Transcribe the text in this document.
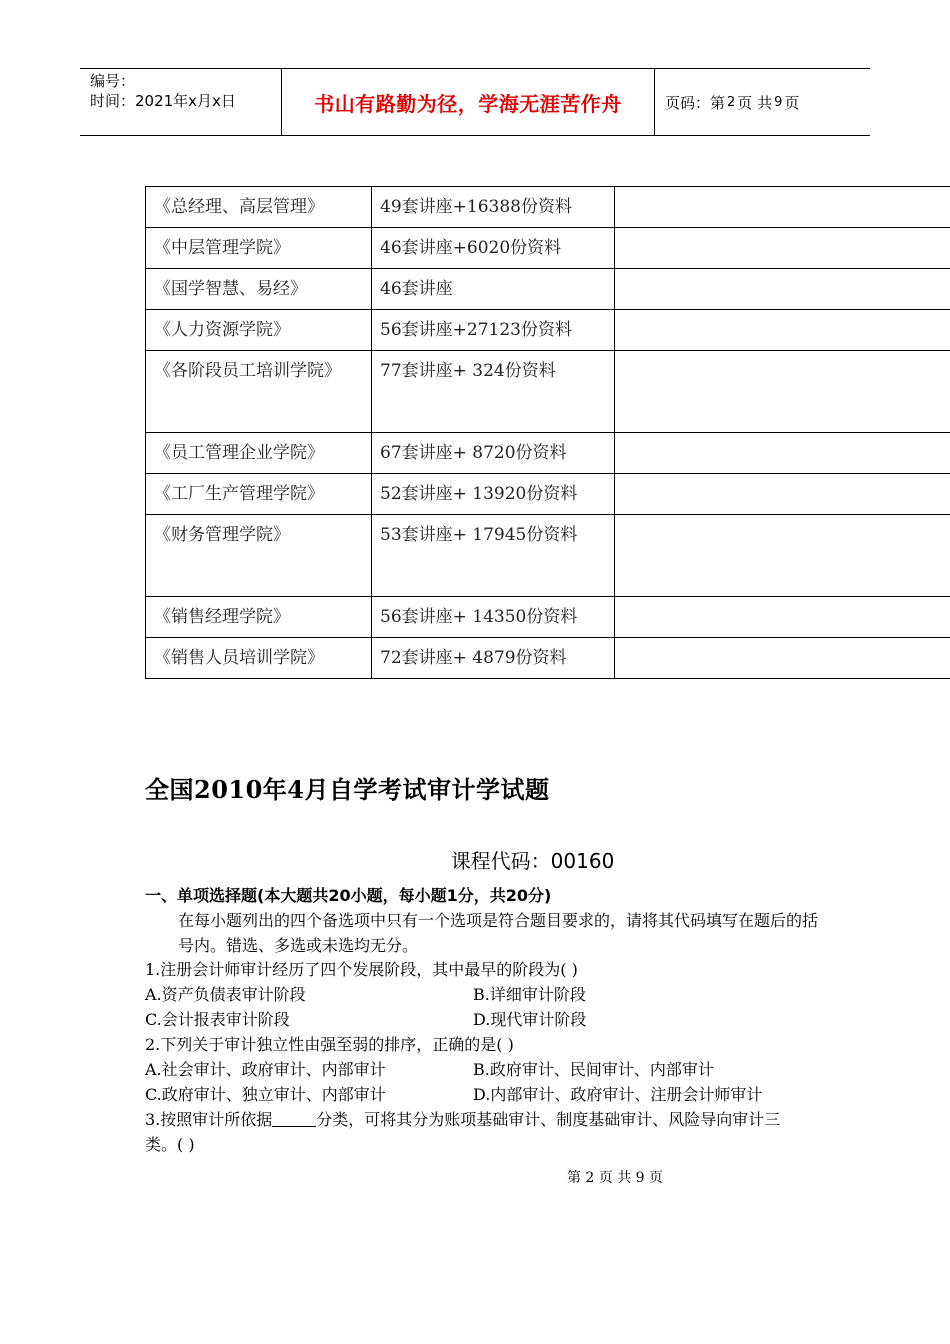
编号：
时间：2021年x月x日	书山有路勤为径，学海无涯苦作舟	页码：第 2 页 共 9 页
《总经理、高层管理》	49套讲座+16388份资料	
《中层管理学院》	46套讲座+6020份资料	
《国学智慧、易经》	46套讲座	
《人力资源学院》	56套讲座+27123份资料	
《各阶段员工培训学院》	77套讲座+ 324份资料	
《员工管理企业学院》	67套讲座+ 8720份资料	
《工厂生产管理学院》	52套讲座+ 13920份资料	
《财务管理学院》	53套讲座+ 17945份资料	
《销售经理学院》	56套讲座+ 14350份资料	
《销售人员培训学院》	72套讲座+ 4879份资料	
全国2010年4月自学考试审计学试题
课程代码：00160
一、单项选择题(本大题共20小题，每小题1分，共20分)
在每小题列出的四个备选项中只有一个选项是符合题目要求的，请将其代码填写在题后的括号内。错选、多选或未选均无分。
1.注册会计师审计经历了四个发展阶段，其中最早的阶段为( )
A.资产负债表审计阶段	B.详细审计阶段
C.会计报表审计阶段	D.现代审计阶段
2.下列关于审计独立性由强至弱的排序，正确的是( )
A.社会审计、政府审计、内部审计	B.政府审计、民间审计、内部审计
C.政府审计、独立审计、内部审计	D.内部审计、政府审计、注册会计师审计
3.按照审计所依据	分类，可将其分为账项基础审计、制度基础审计、风险导向审计三
类。( )
第 2 页 共 9 页
